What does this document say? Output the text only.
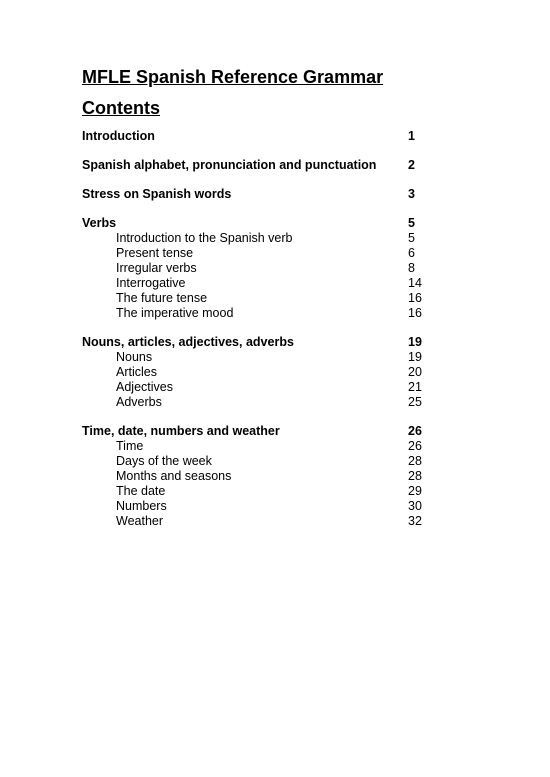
MFLE Spanish Reference Grammar
Contents
Introduction	1
Spanish alphabet, pronunciation and punctuation	2
Stress on Spanish words	3
Verbs	5
Introduction to the Spanish verb	5
Present tense	6
Irregular verbs	8
Interrogative	14
The future tense	16
The imperative mood	16
Nouns, articles, adjectives, adverbs	19
Nouns	19
Articles	20
Adjectives	21
Adverbs	25
Time, date, numbers and weather	26
Time	26
Days of the week	28
Months and seasons	28
The date	29
Numbers	30
Weather	32
